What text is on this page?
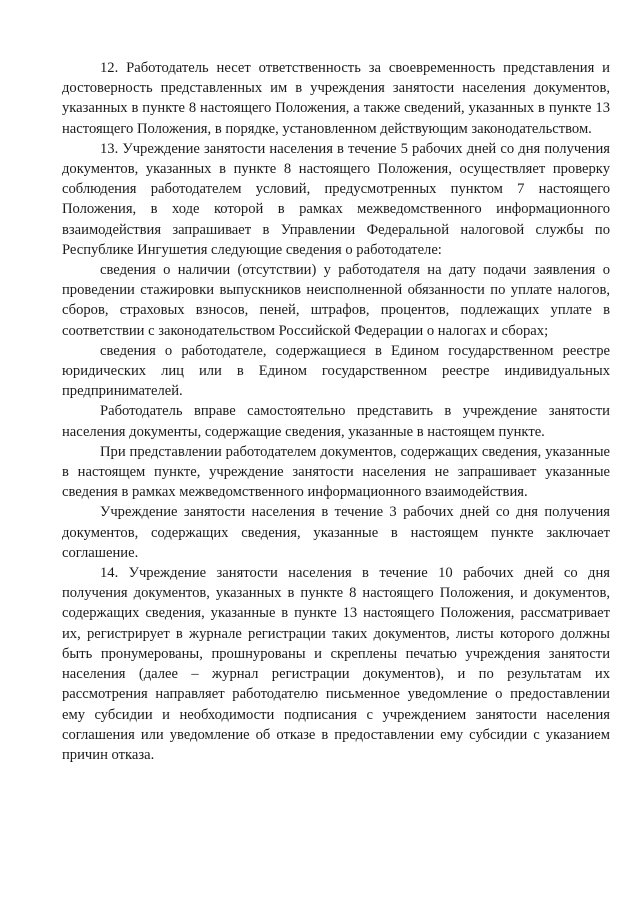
12. Работодатель несет ответственность за своевременность представления и достоверность представленных им в учреждения занятости населения документов, указанных в пункте 8 настоящего Положения, а также сведений, указанных в пункте 13 настоящего Положения, в порядке, установленном действующим законодательством.

13. Учреждение занятости населения в течение 5 рабочих дней со дня получения документов, указанных в пункте 8 настоящего Положения, осуществляет проверку соблюдения работодателем условий, предусмотренных пунктом 7 настоящего Положения, в ходе которой в рамках межведомственного информационного взаимодействия запрашивает в Управлении Федеральной налоговой службы по Республике Ингушетия следующие сведения о работодателе:

сведения о наличии (отсутствии) у работодателя на дату подачи заявления о проведении стажировки выпускников неисполненной обязанности по уплате налогов, сборов, страховых взносов, пеней, штрафов, процентов, подлежащих уплате в соответствии с законодательством Российской Федерации о налогах и сборах;

сведения о работодателе, содержащиеся в Едином государственном реестре юридических лиц или в Едином государственном реестре индивидуальных предпринимателей.

Работодатель вправе самостоятельно представить в учреждение занятости населения документы, содержащие сведения, указанные в настоящем пункте.

При представлении работодателем документов, содержащих сведения, указанные в настоящем пункте, учреждение занятости населения не запрашивает указанные сведения в рамках межведомственного информационного взаимодействия.

Учреждение занятости населения в течение 3 рабочих дней со дня получения документов, содержащих сведения, указанные в настоящем пункте заключает соглашение.

14. Учреждение занятости населения в течение 10 рабочих дней со дня получения документов, указанных в пункте 8 настоящего Положения, и документов, содержащих сведения, указанные в пункте 13 настоящего Положения, рассматривает их, регистрирует в журнале регистрации таких документов, листы которого должны быть пронумерованы, прошнурованы и скреплены печатью учреждения занятости населения (далее – журнал регистрации документов), и по результатам их рассмотрения направляет работодателю письменное уведомление о предоставлении ему субсидии и необходимости подписания с учреждением занятости населения соглашения или уведомление об отказе в предоставлении ему субсидии с указанием причин отказа.
